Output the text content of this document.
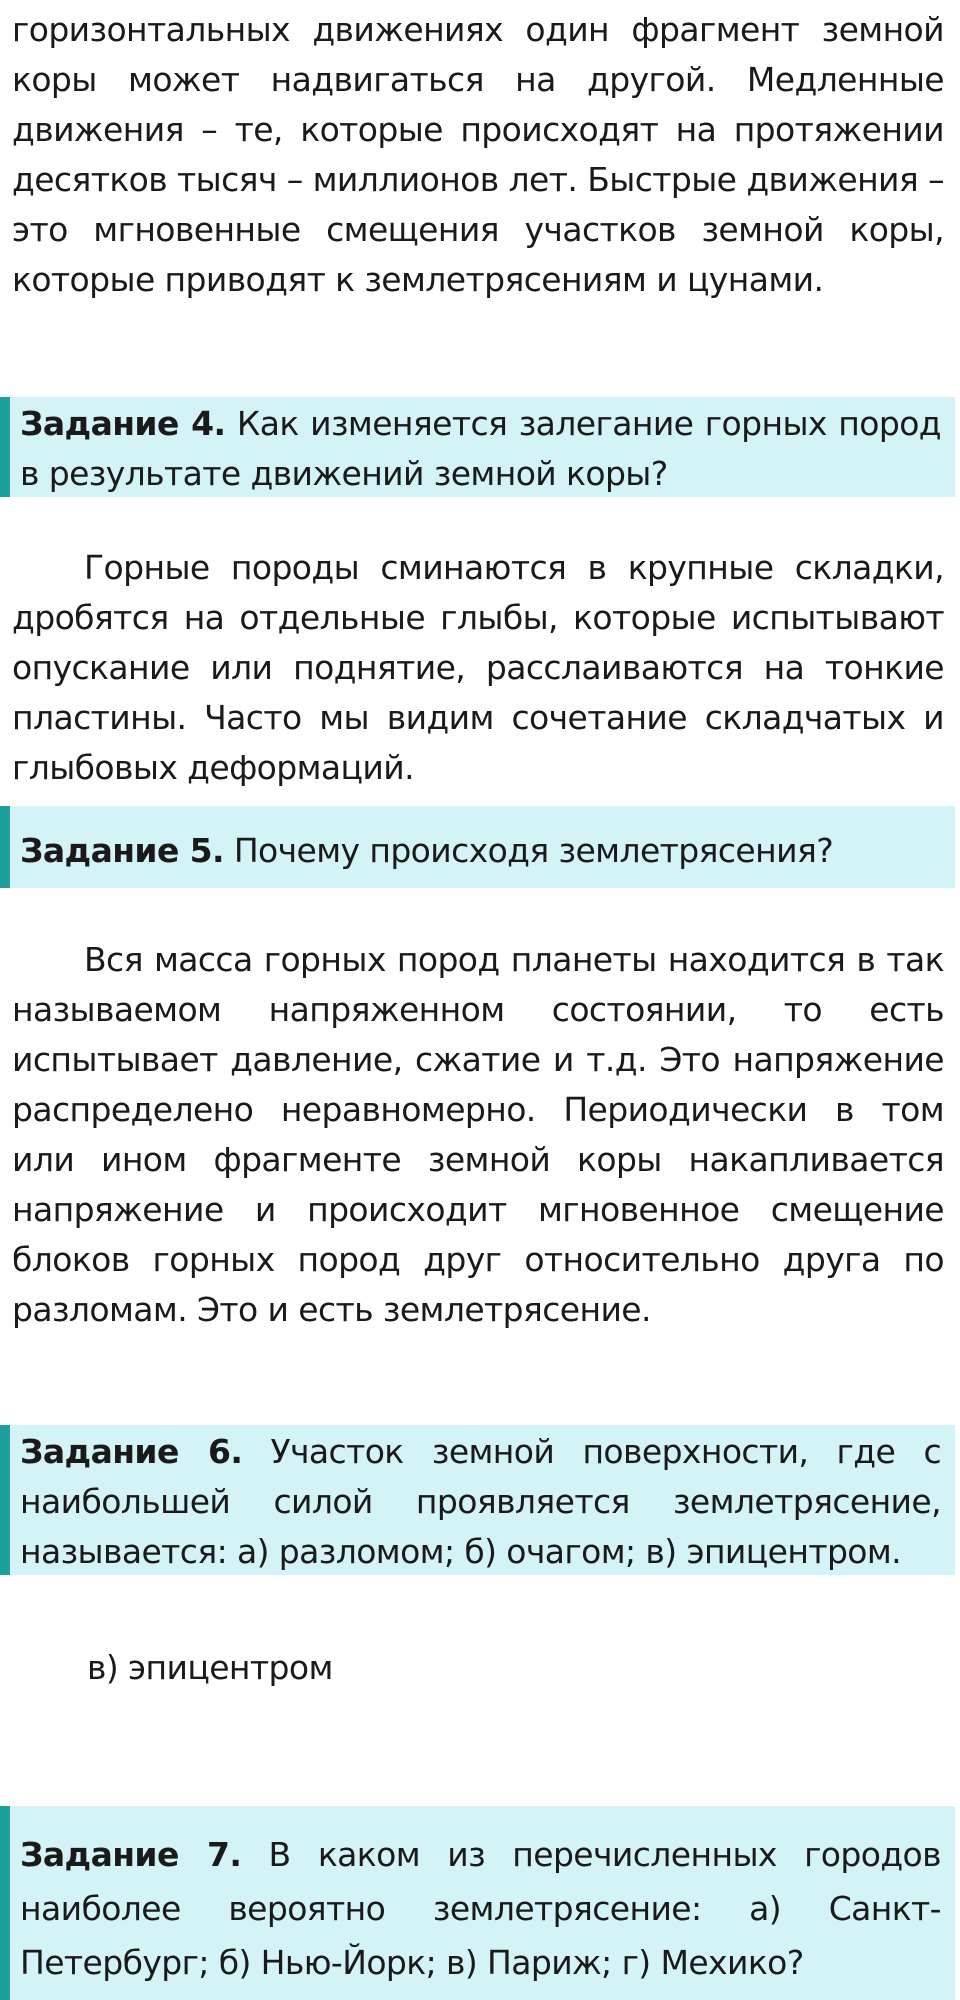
горизонтальных движениях один фрагмент земной коры может надвигаться на другой. Медленные движения – те, которые происходят на протяжении десятков тысяч – миллионов лет. Быстрые движения – это мгновенные смещения участков земной коры, которые приводят к землетрясениям и цунами.

Задание 4. Как изменяется залегание горных пород в результате движений земной коры?

Горные породы сминаются в крупные складки, дробятся на отдельные глыбы, которые испытывают опускание или поднятие, расслаиваются на тонкие пластины. Часто мы видим сочетание складчатых и глыбовых деформаций.

Задание 5. Почему происходя землетрясения?

Вся масса горных пород планеты находится в так называемом напряженном состоянии, то есть испытывает давление, сжатие и т.д. Это напряжение распределено неравномерно. Периодически в том или ином фрагменте земной коры накапливается напряжение и происходит мгновенное смещение блоков горных пород друг относительно друга по разломам. Это и есть землетрясение.

Задание 6. Участок земной поверхности, где с наибольшей силой проявляется землетрясение, называется: а) разломом; б) очагом; в) эпицентром.

в) эпицентром

Задание 7. В каком из перечисленных городов наиболее вероятно землетрясение: а) Санкт-Петербург; б) Нью-Йорк; в) Париж; г) Мехико?
